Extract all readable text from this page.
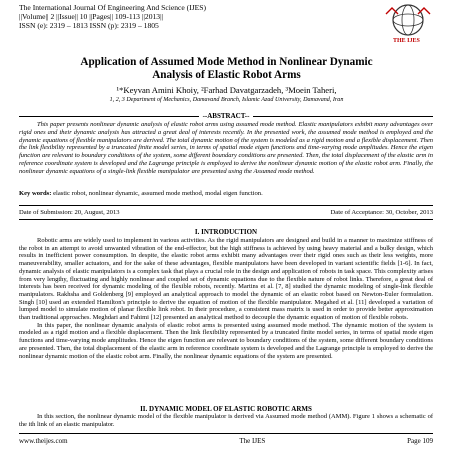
The International Journal Of Engineering And Science (IJES)
||Volume|| 2 ||Issue|| 10 ||Pages|| 109-113 ||2013||
ISSN (e): 2319 – 1813 ISSN (p): 2319 – 1805
THE IJES
Application of Assumed Mode Method in Nonlinear Dynamic
Analysis of Elastic Robot Arms
¹*Keyvan Amini Khoiy, ²Farhad Davatgarzadeh, ³Moein Taheri,
1, 2, 3 Department of Mechanics, Damavand Branch, Islamic Azad University, Damavand, Iran
--ABSTRACT--
This paper presents nonlinear dynamic analysis of elastic robot arms using assumed mode method. Elastic manipulators exhibit many advantages over rigid ones and their dynamic analysis has attracted a great deal of interests recently. In the presented work, the assumed mode method is employed and the dynamic equations of flexible manipulators are derived. The total dynamic motion of the system is modeled as a rigid motion and a flexible displacement. Then the link flexibility represented by a truncated finite model series, in terms of spatial mode eigen functions and time-varying mode amplitudes. Hence the eigen function are relevant to boundary conditions of the system, some different boundary conditions are presented. Then, the total displacement of the elastic arm in reference coordinate system is developed and the Lagrange principle is employed to derive the nonlinear dynamic motion of the elastic robot arm. Finally, the nonlinear dynamic equations of a single-link flexible manipulator are presented using the Assumed mode method.
Key words: elastic robot, nonlinear dynamic, assumed mode method, modal eigen function.
Date of Submission: 20, August, 2013	Date of Acceptance: 30, October, 2013
I. INTRODUCTION

Robotic arms are widely used to implement in various activities. As the rigid manipulators are designed and build in a manner to maximize stiffness of the robot in an attempt to avoid unwanted vibration of the end-effector, but the high stiffness is achieved by using heavy material and a bulky design, which results in inefficient power consumption. In despite, the elastic robot arms exhibit many advantages over their rigid ones such as their less weights, more maneuverability, smaller actuators, and for the sake of these advantages, flexible manipulators have been developed in variant scientific fields [1-6]. In fact, dynamic analysis of elastic manipulators is a complex task that plays a crucial role in the design and application of robots in task space. This complexity arises from very lengthy, fluctuating and highly nonlinear and coupled set of dynamic equations due to the flexible nature of robot links. Therefore, a great deal of interests has been received for dynamic modeling of the flexible robots, recently. Martins et al. [7, 8] studied the dynamic modeling of single-link flexible manipulators. Rakhsha and Goldenberg [9] employed an analytical approach to model the dynamic of an elastic robot based on Newton-Euler formulation. Singh [10] used an extended Hamilton's principle to derive the equation of motion of the flexible manipulator. Megahed et al. [11] developed a variation of lumped model to simulate motion of planar flexible link robot. In their procedure, a consistent mass matrix is used in order to provide better approximation than traditional approaches. Meghdari and Fahimi [12] presented an analytical method to decouple the dynamic equation of motion of flexible robots.

In this paper, the nonlinear dynamic analysis of elastic robot arms is presented using assumed mode method. The dynamic motion of the system is modeled as a rigid motion and a flexible displacement. Then the link flexibility represented by a truncated finite model series, in terms of spatial mode eigen functions and time-varying mode amplitudes. Hence the eigen function are relevant to boundary conditions of the system, some different boundary conditions are presented. Then, the total displacement of the elastic arm in reference coordinate system is developed and the Lagrange principle is employed to derive the nonlinear dynamic motion of the elastic robot arm. Finally, the nonlinear dynamic equations of the system are presented.

II. DYNAMIC MODEL OF ELASTIC ROBOTIC ARMS

In this section, the nonlinear dynamic model of the flexible manipulator is derived via Assumed mode method (AMM). Figure 1 shows a schematic of the ith link of an elastic manipulator.

www.theijes.com	The IJES	Page 109
